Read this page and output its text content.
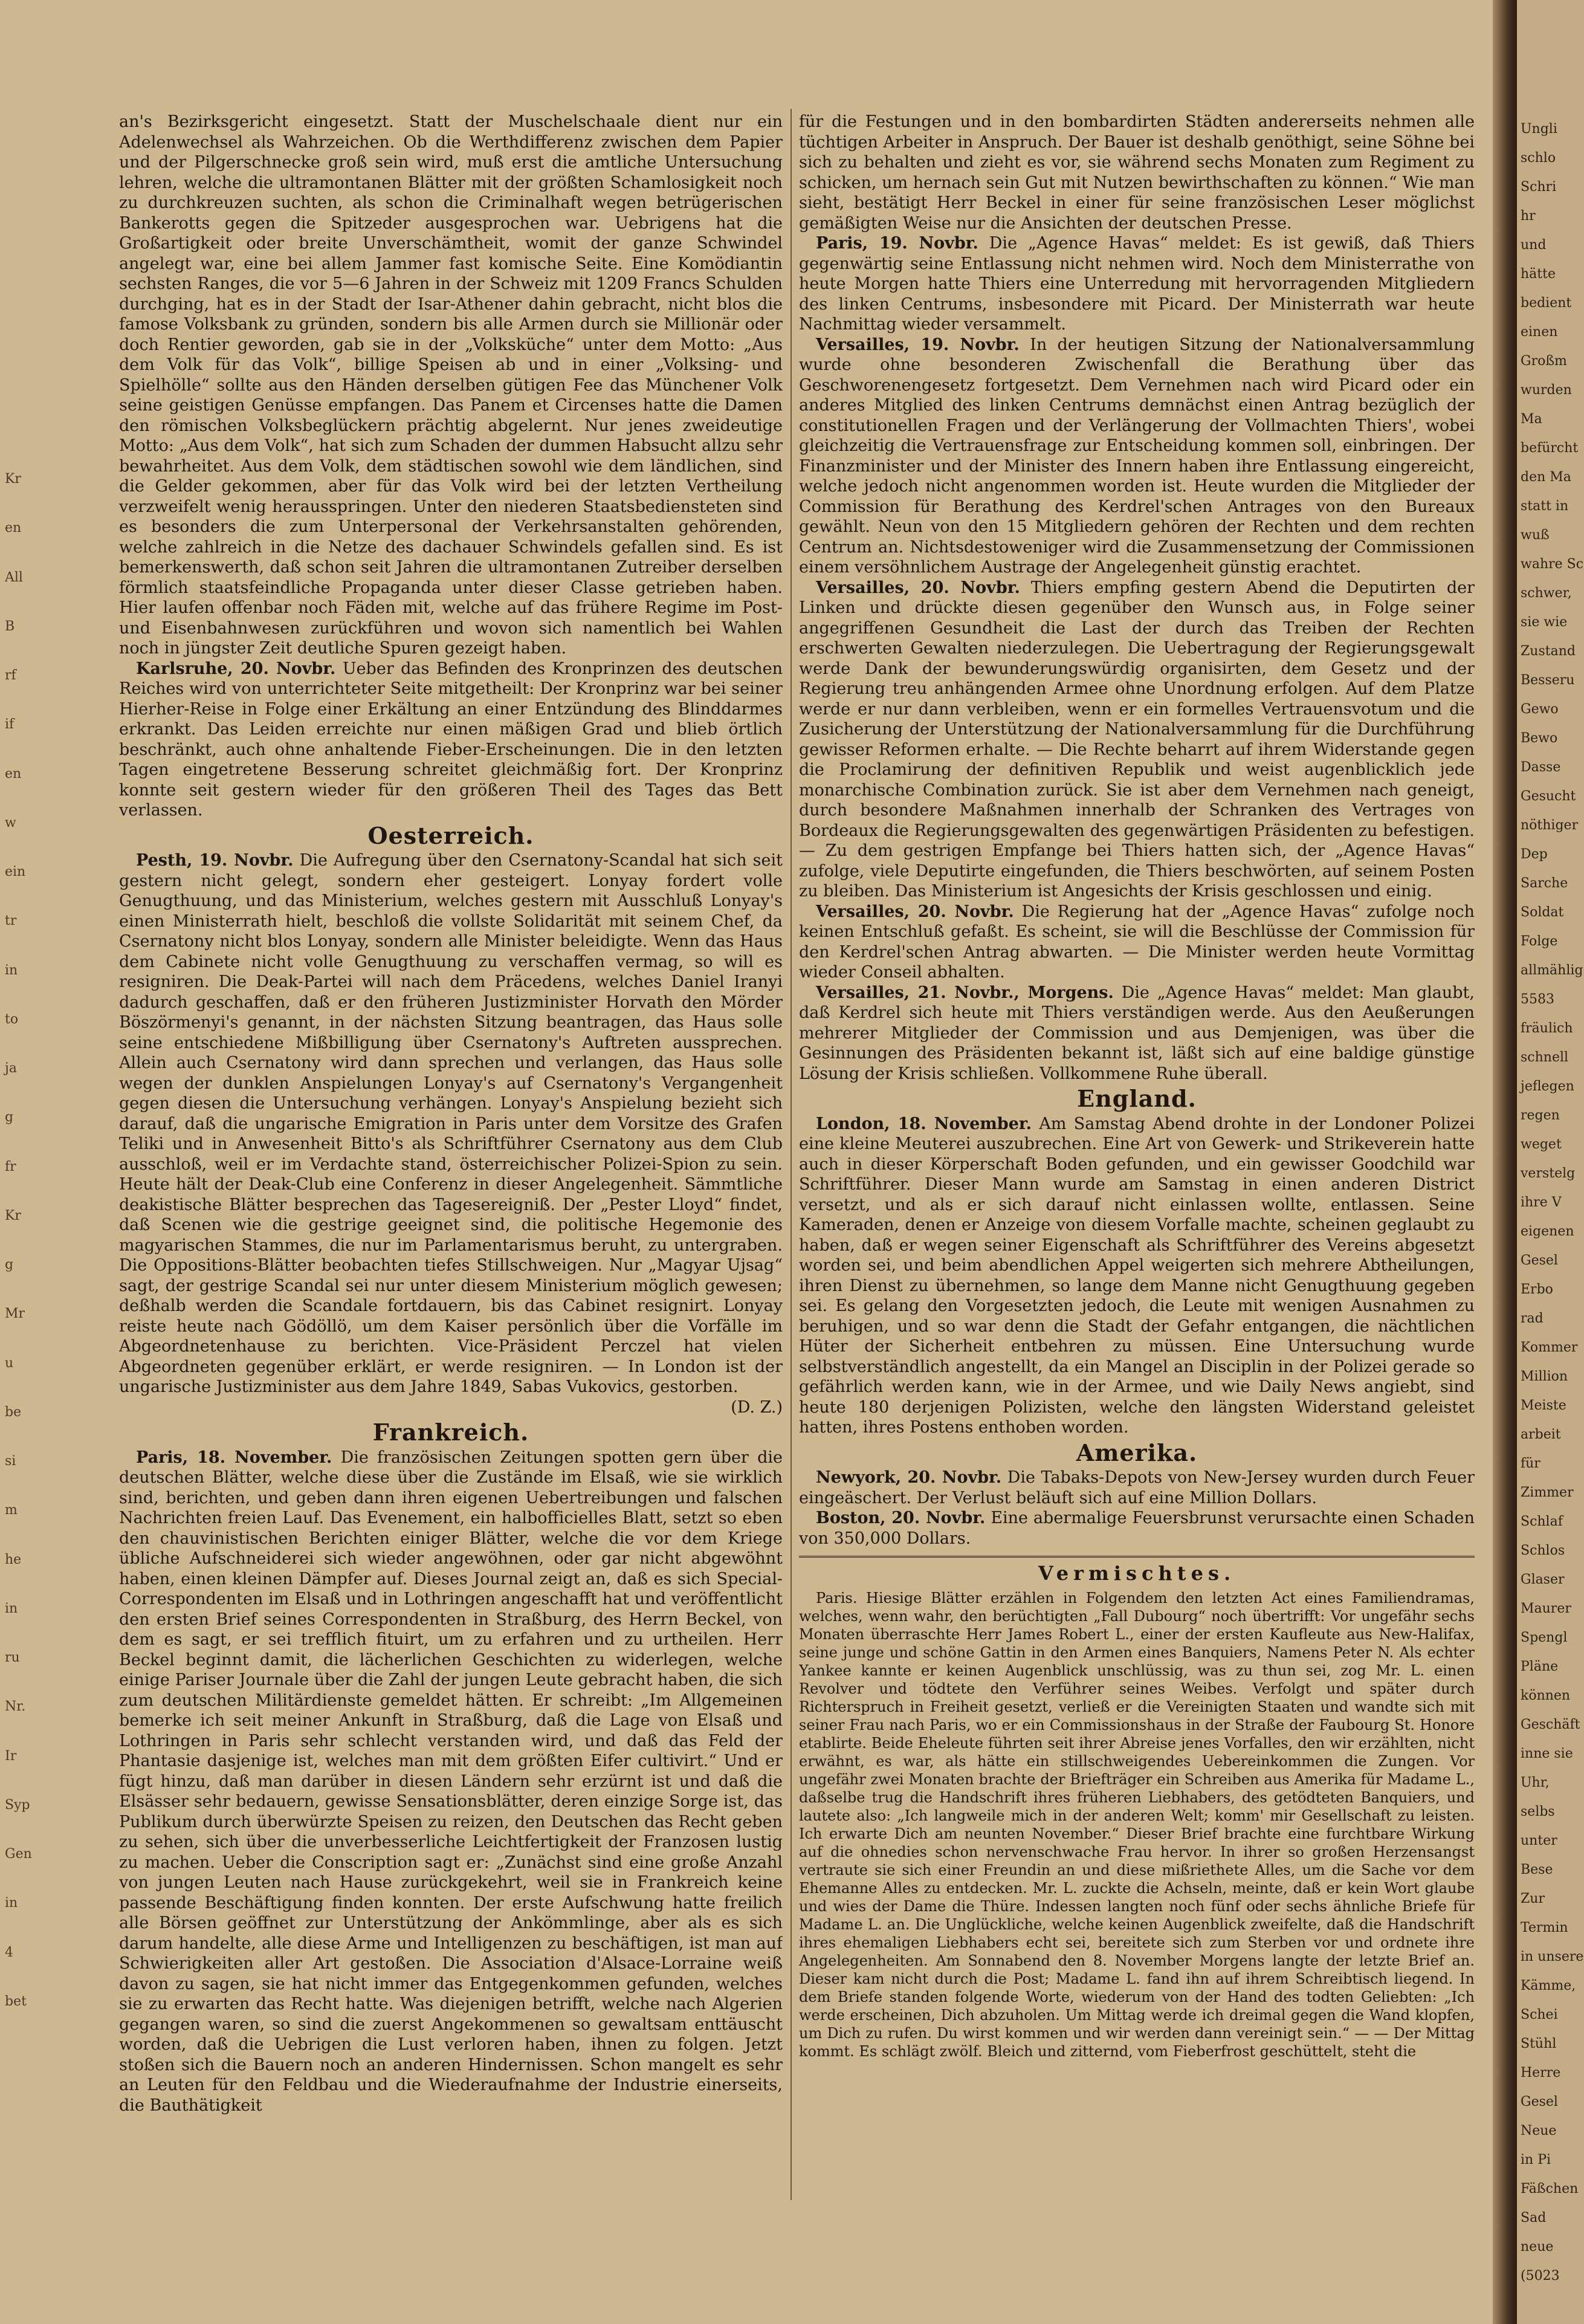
Kr
en
All
B
rf
if
en
w
ein
tr
in
to
ja
g
fr
Kr
g
Mr
u
be
si
m
he
in
ru
Nr.
Ir
Syp
Gen
in
4
bet

an's Bezirksgericht eingesetzt. Statt der Muschelschaale dient nur ein Adelenwechsel als Wahrzeichen. Ob die Werthdifferenz zwischen dem Papier und der Pilgerschnecke groß sein wird, muß erst die amtliche Untersuchung lehren, welche die ultramontanen Blätter mit der größten Schamlosigkeit noch zu durchkreuzen suchten, als schon die Criminalhaft wegen betrügerischen Bankerotts gegen die Spitzeder ausgesprochen war. Uebrigens hat die Großartigkeit oder breite Unverschämtheit, womit der ganze Schwindel angelegt war, eine bei allem Jammer fast komische Seite. Eine Komödiantin sechsten Ranges, die vor 5—6 Jahren in der Schweiz mit 1209 Francs Schulden durchging, hat es in der Stadt der Isar-Athener dahin gebracht, nicht blos die famose Volksbank zu gründen, sondern bis alle Armen durch sie Millionär oder doch Rentier geworden, gab sie in der „Volksküche“ unter dem Motto: „Aus dem Volk für das Volk“, billige Speisen ab und in einer „Volksing- und Spielhölle“ sollte aus den Händen derselben gütigen Fee das Münchener Volk seine geistigen Genüsse empfangen. Das Panem et Circenses hatte die Damen den römischen Volksbeglückern prächtig abgelernt. Nur jenes zweideutige Motto: „Aus dem Volk“, hat sich zum Schaden der dummen Habsucht allzu sehr bewahrheitet. Aus dem Volk, dem städtischen sowohl wie dem ländlichen, sind die Gelder gekommen, aber für das Volk wird bei der letzten Vertheilung verzweifelt wenig herausspringen. Unter den niederen Staatsbediensteten sind es besonders die zum Unterpersonal der Verkehrsanstalten gehörenden, welche zahlreich in die Netze des dachauer Schwindels gefallen sind. Es ist bemerkenswerth, daß schon seit Jahren die ultramontanen Zutreiber derselben förmlich staatsfeindliche Propaganda unter dieser Classe getrieben haben. Hier laufen offenbar noch Fäden mit, welche auf das frühere Regime im Post- und Eisenbahnwesen zurückführen und wovon sich namentlich bei Wahlen noch in jüngster Zeit deutliche Spuren gezeigt haben.

Karlsruhe, 20. Novbr. Ueber das Befinden des Kronprinzen des deutschen Reiches wird von unterrichteter Seite mitgetheilt: Der Kronprinz war bei seiner Hierher-Reise in Folge einer Erkältung an einer Entzündung des Blinddarmes erkrankt. Das Leiden erreichte nur einen mäßigen Grad und blieb örtlich beschränkt, auch ohne anhaltende Fieber-Erscheinungen. Die in den letzten Tagen eingetretene Besserung schreitet gleichmäßig fort. Der Kronprinz konnte seit gestern wieder für den größeren Theil des Tages das Bett verlassen.

Oesterreich.

Pesth, 19. Novbr. Die Aufregung über den Csernatony-Scandal hat sich seit gestern nicht gelegt, sondern eher gesteigert. Lonyay fordert volle Genugthuung, und das Ministerium, welches gestern mit Ausschluß Lonyay's einen Ministerrath hielt, beschloß die vollste Solidarität mit seinem Chef, da Csernatony nicht blos Lonyay, sondern alle Minister beleidigte. Wenn das Haus dem Cabinete nicht volle Genugthuung zu verschaffen vermag, so will es resigniren. Die Deak-Partei will nach dem Präcedens, welches Daniel Iranyi dadurch geschaffen, daß er den früheren Justizminister Horvath den Mörder Böszörmenyi's genannt, in der nächsten Sitzung beantragen, das Haus solle seine entschiedene Mißbilligung über Csernatony's Auftreten aussprechen. Allein auch Csernatony wird dann sprechen und verlangen, das Haus solle wegen der dunklen Anspielungen Lonyay's auf Csernatony's Vergangenheit gegen diesen die Untersuchung verhängen. Lonyay's Anspielung bezieht sich darauf, daß die ungarische Emigration in Paris unter dem Vorsitze des Grafen Teliki und in Anwesenheit Bitto's als Schriftführer Csernatony aus dem Club ausschloß, weil er im Verdachte stand, österreichischer Polizei-Spion zu sein. Heute hält der Deak-Club eine Conferenz in dieser Angelegenheit. Sämmtliche deakistische Blätter besprechen das Tagesereigniß. Der „Pester Lloyd“ findet, daß Scenen wie die gestrige geeignet sind, die politische Hegemonie des magyarischen Stammes, die nur im Parlamentarismus beruht, zu untergraben. Die Oppositions-Blätter beobachten tiefes Stillschweigen. Nur „Magyar Ujsag“ sagt, der gestrige Scandal sei nur unter diesem Ministerium möglich gewesen; deßhalb werden die Scandale fortdauern, bis das Cabinet resignirt. Lonyay reiste heute nach Gödöllö, um dem Kaiser persönlich über die Vorfälle im Abgeordnetenhause zu berichten. Vice-Präsident Perczel hat vielen Abgeordneten gegenüber erklärt, er werde resigniren. — In London ist der ungarische Justizminister aus dem Jahre 1849, Sabas Vukovics, gestorben.

(D. Z.)

Frankreich.

Paris, 18. November. Die französischen Zeitungen spotten gern über die deutschen Blätter, welche diese über die Zustände im Elsaß, wie sie wirklich sind, berichten, und geben dann ihren eigenen Uebertreibungen und falschen Nachrichten freien Lauf. Das Evenement, ein halbofficielles Blatt, setzt so eben den chauvinistischen Berichten einiger Blätter, welche die vor dem Kriege übliche Aufschneiderei sich wieder angewöhnen, oder gar nicht abgewöhnt haben, einen kleinen Dämpfer auf. Dieses Journal zeigt an, daß es sich Special-Correspondenten im Elsaß und in Lothringen angeschafft hat und veröffentlicht den ersten Brief seines Correspondenten in Straßburg, des Herrn Beckel, von dem es sagt, er sei trefflich fituirt, um zu erfahren und zu urtheilen. Herr Beckel beginnt damit, die lächerlichen Geschichten zu widerlegen, welche einige Pariser Journale über die Zahl der jungen Leute gebracht haben, die sich zum deutschen Militärdienste gemeldet hätten. Er schreibt: „Im Allgemeinen bemerke ich seit meiner Ankunft in Straßburg, daß die Lage von Elsaß und Lothringen in Paris sehr schlecht verstanden wird, und daß das Feld der Phantasie dasjenige ist, welches man mit dem größten Eifer cultivirt.“ Und er fügt hinzu, daß man darüber in diesen Ländern sehr erzürnt ist und daß die Elsässer sehr bedauern, gewisse Sensationsblätter, deren einzige Sorge ist, das Publikum durch überwürzte Speisen zu reizen, den Deutschen das Recht geben zu sehen, sich über die unverbesserliche Leichtfertigkeit der Franzosen lustig zu machen. Ueber die Conscription sagt er: „Zunächst sind eine große Anzahl von jungen Leuten nach Hause zurückgekehrt, weil sie in Frankreich keine passende Beschäftigung finden konnten. Der erste Aufschwung hatte freilich alle Börsen geöffnet zur Unterstützung der Ankömmlinge, aber als es sich darum handelte, alle diese Arme und Intelligenzen zu beschäftigen, ist man auf Schwierigkeiten aller Art gestoßen. Die Association d'Alsace-Lorraine weiß davon zu sagen, sie hat nicht immer das Entgegenkommen gefunden, welches sie zu erwarten das Recht hatte. Was diejenigen betrifft, welche nach Algerien gegangen waren, so sind die zuerst Angekommenen so gewaltsam enttäuscht worden, daß die Uebrigen die Lust verloren haben, ihnen zu folgen. Jetzt stoßen sich die Bauern noch an anderen Hindernissen. Schon mangelt es sehr an Leuten für den Feldbau und die Wiederaufnahme der Industrie einerseits, die Bauthätigkeit

für die Festungen und in den bombardirten Städten andererseits nehmen alle tüchtigen Arbeiter in Anspruch. Der Bauer ist deshalb genöthigt, seine Söhne bei sich zu behalten und zieht es vor, sie während sechs Monaten zum Regiment zu schicken, um hernach sein Gut mit Nutzen bewirthschaften zu können.“ Wie man sieht, bestätigt Herr Beckel in einer für seine französischen Leser möglichst gemäßigten Weise nur die Ansichten der deutschen Presse.

Paris, 19. Novbr. Die „Agence Havas“ meldet: Es ist gewiß, daß Thiers gegenwärtig seine Entlassung nicht nehmen wird. Noch dem Ministerrathe von heute Morgen hatte Thiers eine Unterredung mit hervorragenden Mitgliedern des linken Centrums, insbesondere mit Picard. Der Ministerrath war heute Nachmittag wieder versammelt.

Versailles, 19. Novbr. In der heutigen Sitzung der Nationalversammlung wurde ohne besonderen Zwischenfall die Berathung über das Geschworenengesetz fortgesetzt. Dem Vernehmen nach wird Picard oder ein anderes Mitglied des linken Centrums demnächst einen Antrag bezüglich der constitutionellen Fragen und der Verlängerung der Vollmachten Thiers', wobei gleichzeitig die Vertrauensfrage zur Entscheidung kommen soll, einbringen. Der Finanzminister und der Minister des Innern haben ihre Entlassung eingereicht, welche jedoch nicht angenommen worden ist. Heute wurden die Mitglieder der Commission für Berathung des Kerdrel'schen Antrages von den Bureaux gewählt. Neun von den 15 Mitgliedern gehören der Rechten und dem rechten Centrum an. Nichtsdestoweniger wird die Zusammensetzung der Commissionen einem versöhnlichem Austrage der Angelegenheit günstig erachtet.

Versailles, 20. Novbr. Thiers empfing gestern Abend die Deputirten der Linken und drückte diesen gegenüber den Wunsch aus, in Folge seiner angegriffenen Gesundheit die Last der durch das Treiben der Rechten erschwerten Gewalten niederzulegen. Die Uebertragung der Regierungsgewalt werde Dank der bewunderungswürdig organisirten, dem Gesetz und der Regierung treu anhängenden Armee ohne Unordnung erfolgen. Auf dem Platze werde er nur dann verbleiben, wenn er ein formelles Vertrauensvotum und die Zusicherung der Unterstützung der Nationalversammlung für die Durchführung gewisser Reformen erhalte. — Die Rechte beharrt auf ihrem Widerstande gegen die Proclamirung der definitiven Republik und weist augenblicklich jede monarchische Combination zurück. Sie ist aber dem Vernehmen nach geneigt, durch besondere Maßnahmen innerhalb der Schranken des Vertrages von Bordeaux die Regierungsgewalten des gegenwärtigen Präsidenten zu befestigen. — Zu dem gestrigen Empfange bei Thiers hatten sich, der „Agence Havas“ zufolge, viele Deputirte eingefunden, die Thiers beschwörten, auf seinem Posten zu bleiben. Das Ministerium ist Angesichts der Krisis geschlossen und einig.

Versailles, 20. Novbr. Die Regierung hat der „Agence Havas“ zufolge noch keinen Entschluß gefaßt. Es scheint, sie will die Beschlüsse der Commission für den Kerdrel'schen Antrag abwarten. — Die Minister werden heute Vormittag wieder Conseil abhalten.

Versailles, 21. Novbr., Morgens. Die „Agence Havas“ meldet: Man glaubt, daß Kerdrel sich heute mit Thiers verständigen werde. Aus den Aeußerungen mehrerer Mitglieder der Commission und aus Demjenigen, was über die Gesinnungen des Präsidenten bekannt ist, läßt sich auf eine baldige günstige Lösung der Krisis schließen. Vollkommene Ruhe überall.

England.

London, 18. November. Am Samstag Abend drohte in der Londoner Polizei eine kleine Meuterei auszubrechen. Eine Art von Gewerk- und Strikeverein hatte auch in dieser Körperschaft Boden gefunden, und ein gewisser Goodchild war Schriftführer. Dieser Mann wurde am Samstag in einen anderen District versetzt, und als er sich darauf nicht einlassen wollte, entlassen. Seine Kameraden, denen er Anzeige von diesem Vorfalle machte, scheinen geglaubt zu haben, daß er wegen seiner Eigenschaft als Schriftführer des Vereins abgesetzt worden sei, und beim abendlichen Appel weigerten sich mehrere Abtheilungen, ihren Dienst zu übernehmen, so lange dem Manne nicht Genugthuung gegeben sei. Es gelang den Vorgesetzten jedoch, die Leute mit wenigen Ausnahmen zu beruhigen, und so war denn die Stadt der Gefahr entgangen, die nächtlichen Hüter der Sicherheit entbehren zu müssen. Eine Untersuchung wurde selbstverständlich angestellt, da ein Mangel an Disciplin in der Polizei gerade so gefährlich werden kann, wie in der Armee, und wie Daily News angiebt, sind heute 180 derjenigen Polizisten, welche den längsten Widerstand geleistet hatten, ihres Postens enthoben worden.

Amerika.

Newyork, 20. Novbr. Die Tabaks-Depots von New-Jersey wurden durch Feuer eingeäschert. Der Verlust beläuft sich auf eine Million Dollars.

Boston, 20. Novbr. Eine abermalige Feuersbrunst verursachte einen Schaden von 350,000 Dollars.

Vermischtes.

Paris. Hiesige Blätter erzählen in Folgendem den letzten Act eines Familiendramas, welches, wenn wahr, den berüchtigten „Fall Dubourg“ noch übertrifft: Vor ungefähr sechs Monaten überraschte Herr James Robert L., einer der ersten Kaufleute aus New-Halifax, seine junge und schöne Gattin in den Armen eines Banquiers, Namens Peter N. Als echter Yankee kannte er keinen Augenblick unschlüssig, was zu thun sei, zog Mr. L. einen Revolver und tödtete den Verführer seines Weibes. Verfolgt und später durch Richterspruch in Freiheit gesetzt, verließ er die Vereinigten Staaten und wandte sich mit seiner Frau nach Paris, wo er ein Commissionshaus in der Straße der Faubourg St. Honore etablirte. Beide Eheleute führten seit ihrer Abreise jenes Vorfalles, den wir erzählten, nicht erwähnt, es war, als hätte ein stillschweigendes Uebereinkommen die Zungen. Vor ungefähr zwei Monaten brachte der Briefträger ein Schreiben aus Amerika für Madame L., daßselbe trug die Handschrift ihres früheren Liebhabers, des getödteten Banquiers, und lautete also: „Ich langweile mich in der anderen Welt; komm' mir Gesellschaft zu leisten. Ich erwarte Dich am neunten November.“ Dieser Brief brachte eine furchtbare Wirkung auf die ohnedies schon nervenschwache Frau hervor. In ihrer so großen Herzensangst vertraute sie sich einer Freundin an und diese mißriethete Alles, um die Sache vor dem Ehemanne Alles zu entdecken. Mr. L. zuckte die Achseln, meinte, daß er kein Wort glaube und wies der Dame die Thüre. Indessen langten noch fünf oder sechs ähnliche Briefe für Madame L. an. Die Unglückliche, welche keinen Augenblick zweifelte, daß die Handschrift ihres ehemaligen Liebhabers echt sei, bereitete sich zum Sterben vor und ordnete ihre Angelegenheiten. Am Sonnabend den 8. November Morgens langte der letzte Brief an. Dieser kam nicht durch die Post; Madame L. fand ihn auf ihrem Schreibtisch liegend. In dem Briefe standen folgende Worte, wiederum von der Hand des todten Geliebten: „Ich werde erscheinen, Dich abzuholen. Um Mittag werde ich dreimal gegen die Wand klopfen, um Dich zu rufen. Du wirst kommen und wir werden dann vereinigt sein.“ — — Der Mittag kommt. Es schlägt zwölf. Bleich und zitternd, vom Fieberfrost geschüttelt, steht die

Ungli
schlo
Schri
hr
und
hätte
bedient
einen
Großm
wurden
Ma
befürcht
den Ma
statt in
wuß
wahre Sc
schwer,
sie wie
Zustand
Besseru
Gewo
Bewo
Dasse
Gesucht
nöthiger
Dep
Sarche
Soldat
Folge
allmählig
5583
fräulich
schnell
jeflegen
regen
weget
verstelg
ihre V
eigenen
Gesel
Erbo
rad
Kommer
Million
Meiste
arbeit
für
Zimmer
Schlaf
Schlos
Glaser
Maurer
Spengl
Pläne
können
Geschäft
inne sie
Uhr,
selbs
unter
Bese
Zur
Termin
in unsere
Kämme,
Schei
Stühl
Herre
Gesel
Neue
in Pi
Fäßchen
Sad
neue
(5023
